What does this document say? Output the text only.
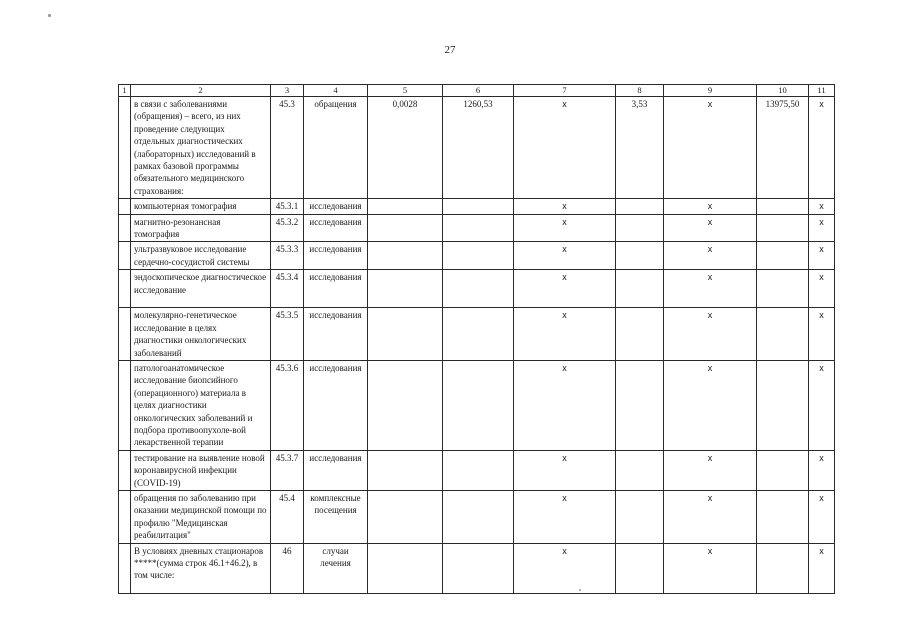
27
1	2	3	4	5	6	7	8	9	10	11
	в связи с заболеваниями (обращения) – всего, из них проведение следующих отдельных диагностических (лабораторных) исследований в рамках базовой программы обязательного медицинского страхования:	45.3	обращения	0,0028	1260,53	х	3,53	х	13975,50	х
	компьютерная томография	45.3.1	исследования			х		х		х
	магнитно-резонансная томография	45.3.2	исследования			х		х		х
	ультразвуковое исследование сердечно-сосудистой системы	45.3.3	исследования			х		х		х
	эндоскопическое диагностическое исследование	45.3.4	исследования			х		х		х
	молекулярно-генетическое исследование в целях диагностики онкологических заболеваний	45.3.5	исследования			х		х		х
	патологоанатомическое исследование биопсийного (операционного) материала в целях диагностики онкологических заболеваний и подбора противоопухоле-вой лекарственной терапии	45.3.6	исследования			х		х		х
	тестирование на выявление новой коронавирусной инфекции (COVID-19)	45.3.7	исследования			х		х		х
	обращения по заболеванию при оказании медицинской помощи по профилю "Медицинская реабилитация"	45.4	комплексные посещения			х		х		х
	В условиях дневных стационаров *****(сумма строк 46.1+46.2), в том числе:	46	случаи лечения			х		х		х
